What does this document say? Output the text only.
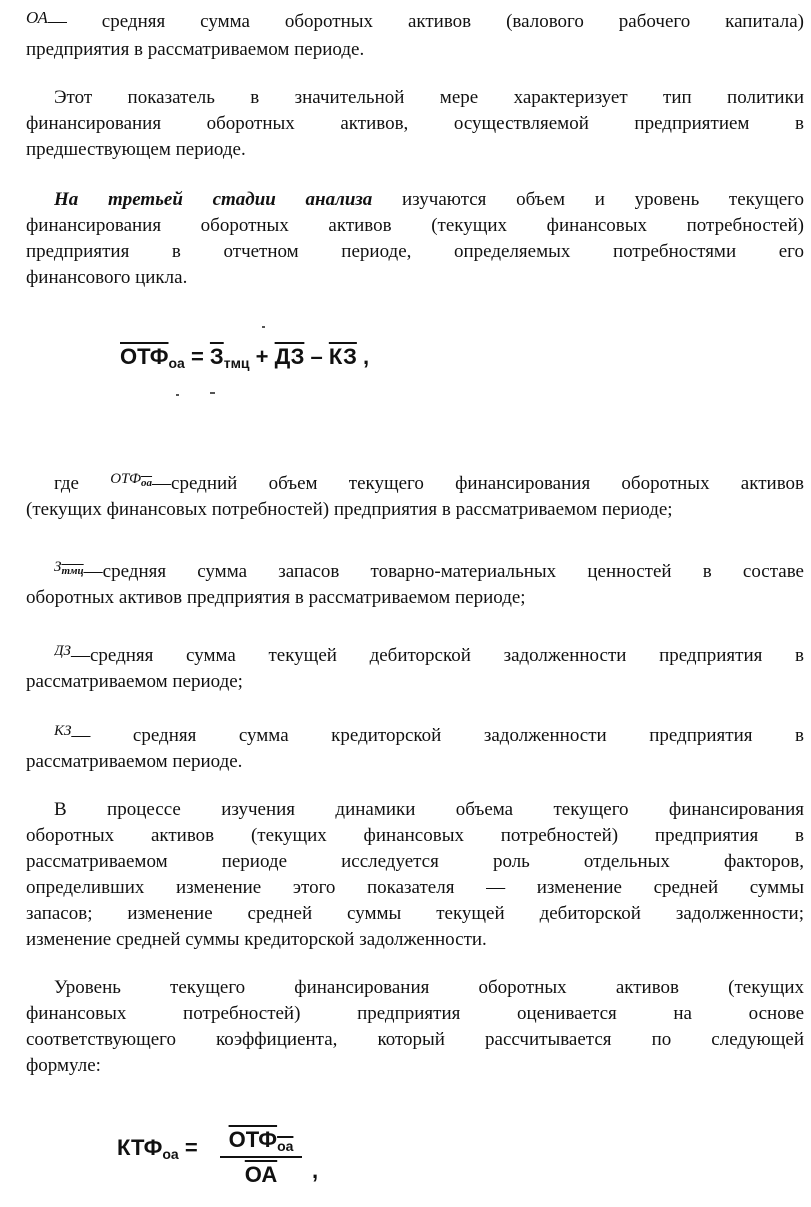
ОА— средняя сумма оборотных активов (валового рабочего капитала)
предприятия в рассматриваемом периоде.
Этот показатель в значительной мере характеризует тип политики
финансирования оборотных активов, осуществляемой предприятием в
предшествующем периоде.
На третьей стадии анализа изучаются объем и уровень текущего
финансирования оборотных активов (текущих финансовых потребностей)
предприятия в отчетном периоде, определяемых потребностями его
финансового цикла.
ОТФоа = Зтмц + ДЗ – КЗ ,
где $ОТФ_{оа}—средний$ объем текущего финансирования оборотных активов
(текущих финансовых потребностей) предприятия в рассматриваемом периоде;
$З_{тмц}—средняя$ сумма запасов товарно-материальных ценностей в составе
оборотных активов предприятия в рассматриваемом периоде;
ДЗ—средняя сумма текущей дебиторской задолженности предприятия в
рассматриваемом периоде;
КЗ— средняя сумма кредиторской задолженности предприятия в
рассматриваемом периоде.
В процессе изучения динамики объема текущего финансирования
оборотных активов (текущих финансовых потребностей) предприятия в
рассматриваемом периоде исследуется роль отдельных факторов,
определивших изменение этого показателя — изменение средней суммы
запасов; изменение средней суммы текущей дебиторской задолженности;
изменение средней суммы кредиторской задолженности.
Уровень текущего финансирования оборотных активов (текущих
финансовых потребностей) предприятия оценивается на основе
соответствующего коэффициента, который рассчитывается по следующей
формуле:
КТФоа =	ОТФоа
ОА	,
